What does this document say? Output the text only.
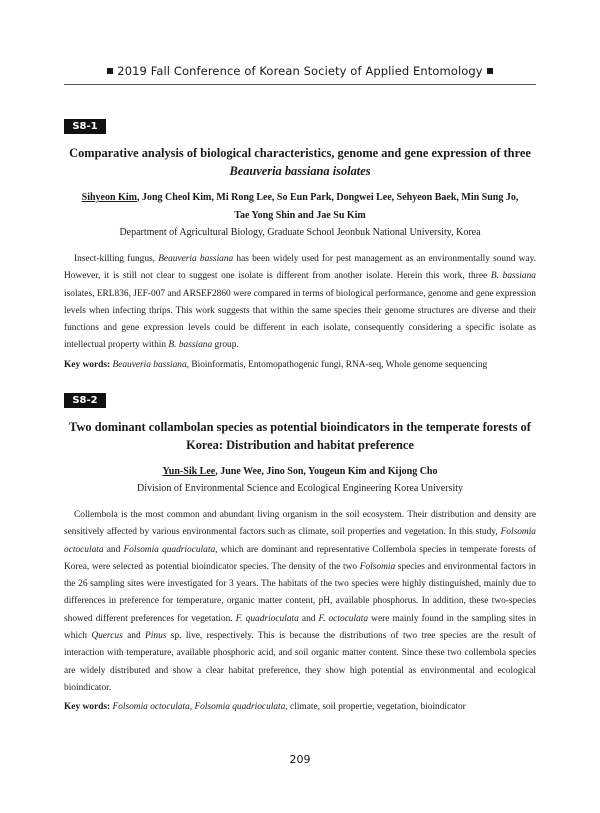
2019 Fall Conference of Korean Society of Applied Entomology
S8-1
Comparative analysis of biological characteristics, genome and gene expression of three
Beauveria bassiana isolates
Sihyeon Kim, Jong Cheol Kim, Mi Rong Lee, So Eun Park, Dongwei Lee, Sehyeon Baek, Min Sung Jo,
Tae Yong Shin and Jae Su Kim
Department of Agricultural Biology, Graduate School Jeonbuk National University, Korea
Insect-killing fungus, Beauveria bassiana has been widely used for pest management as an environmentally sound way. However, it is still not clear to suggest one isolate is different from another isolate. Herein this work, three B. bassiana isolates, ERL836, JEF-007 and ARSEF2860 were compared in terms of biological performance, genome and gene expression levels when infecting thrips. This work suggests that within the same species their genome structures are diverse and their functions and gene expression levels could be different in each isolate, consequently considering a specific isolate as intellectual property within B. bassiana group.
Key words: Beauveria bassiana, Bioinformatis, Entomopathogenic fungi, RNA-seq, Whole genome sequencing
S8-2
Two dominant collambolan species as potential bioindicators in the temperate forests of
Korea: Distribution and habitat preference
Yun-Sik Lee, June Wee, Jino Son, Yougeun Kim and Kijong Cho
Division of Environmental Science and Ecological Engineering Korea University
Collembola is the most common and abundant living organism in the soil ecosystem. Their distribution and density are sensitively affected by various environmental factors such as climate, soil properties and vegetation. In this study, Folsomia octoculata and Folsomia quadrioculata, which are dominant and representative Collembola species in temperate forests of Korea, were selected as potential bioindicator species. The density of the two Folsomia species and environmental factors in the 26 sampling sites were investigated for 3 years. The habitats of the two species were highly distinguished, mainly due to differences in preference for temperature, organic matter content, pH, available phosphorus. In addition, these two-species showed different preferences for vegetation. F. quadrioculata and F. octoculata were mainly found in the sampling sites in which Quercus and Pinus sp. live, respectively. This is because the distributions of two tree species are the result of interaction with temperature, available phosphoric acid, and soil organic matter content. Since these two collembola species are widely distributed and show a clear habitat preference, they show high potential as environmental and ecological bioindicator.
Key words: Folsomia octoculata, Folsomia quadrioculata, climate, soil propertie, vegetation, bioindicator
209
